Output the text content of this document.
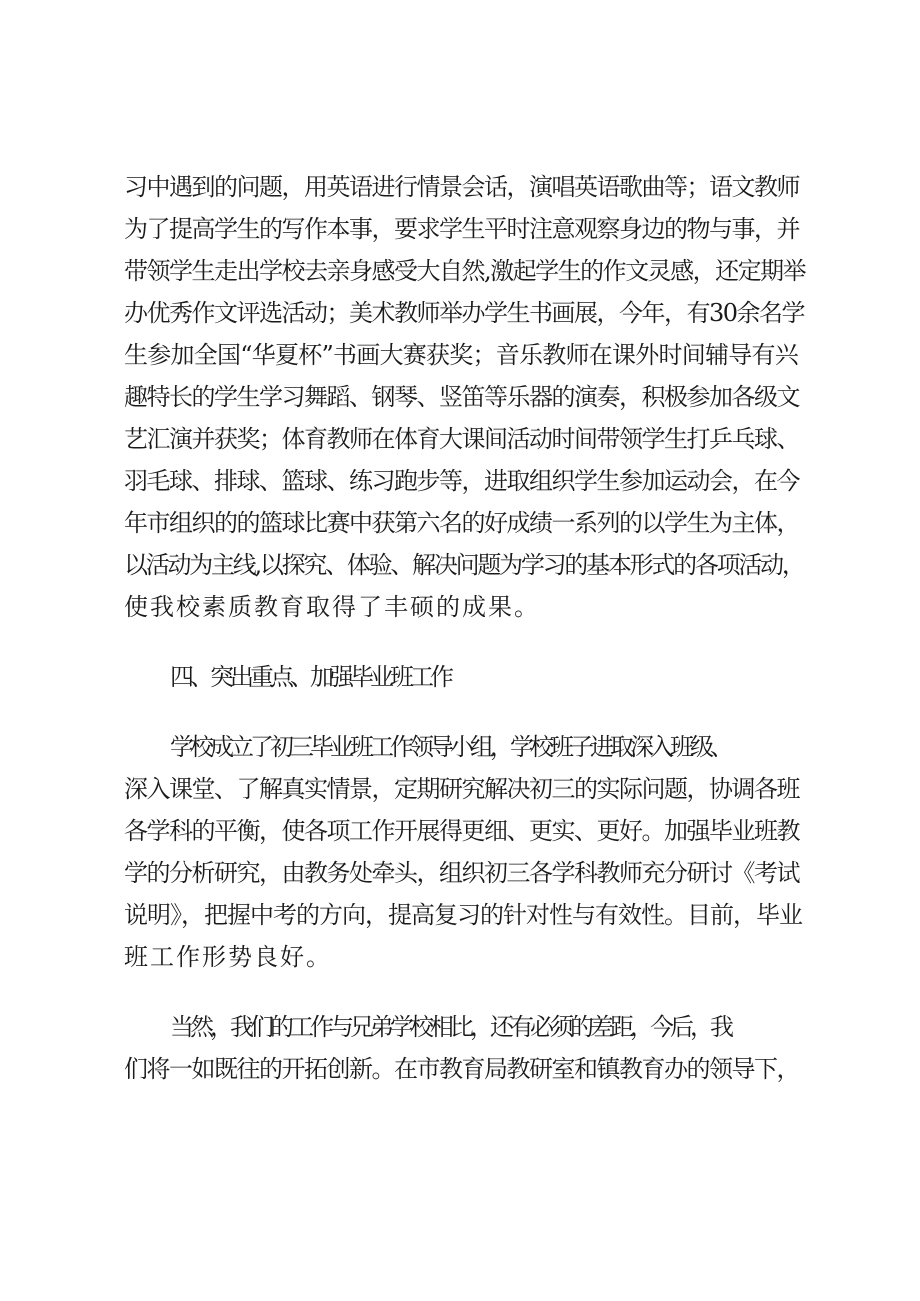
习中遇到的问题，用英语进行情景会话，演唱英语歌曲等；语文教师
为了提高学生的写作本事，要求学生平时注意观察身边的物与事，并
带领学生走出学校去亲身感受大自然,激起学生的作文灵感，还定期举
办优秀作文评选活动；美术教师举办学生书画展，今年，有30余名学
生参加全国“华夏杯”书画大赛获奖；音乐教师在课外时间辅导有兴
趣特长的学生学习舞蹈、钢琴、竖笛等乐器的演奏，积极参加各级文
艺汇演并获奖；体育教师在体育大课间活动时间带领学生打乒乓球、
羽毛球、排球、篮球、练习跑步等，进取组织学生参加运动会，在今
年市组织的的篮球比赛中获第六名的好成绩一系列的以学生为主体，
以活动为主线,以探究、体验、解决问题为学习的基本形式的各项活动，
使我校素质教育取得了丰硕的成果。
四、突出重点、加强毕业班工作
学校成立了初三毕业班工作领导小组，学校班子进取深入班级、
深入课堂、了解真实情景，定期研究解决初三的实际问题，协调各班
各学科的平衡，使各项工作开展得更细、更实、更好。加强毕业班教
学的分析研究，由教务处牵头，组织初三各学科教师充分研讨《考试
说明》，把握中考的方向，提高复习的针对性与有效性。目前，毕业
班工作形势良好。
当然，我们的工作与兄弟学校相比，还有必须的差距，今后，我
们将一如既往的开拓创新。在市教育局教研室和镇教育办的领导下，
